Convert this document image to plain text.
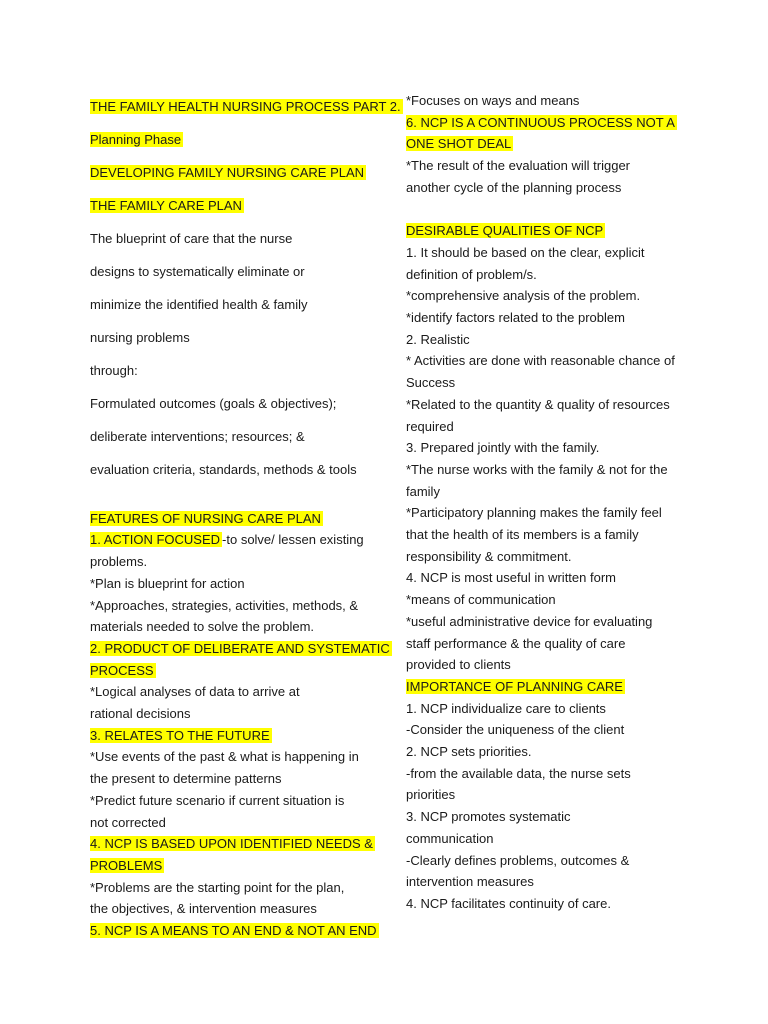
THE FAMILY HEALTH NURSING PROCESS PART 2.
Planning Phase
DEVELOPING FAMILY NURSING CARE PLAN
THE FAMILY CARE PLAN
The blueprint of care that the nurse
designs to systematically eliminate or
minimize the identified health & family
nursing problems
through:
Formulated outcomes (goals & objectives);
deliberate interventions; resources; &
evaluation criteria, standards, methods & tools
FEATURES OF NURSING CARE PLAN
1. ACTION FOCUSED -to solve/ lessen existing
problems.
*Plan is blueprint for action
*Approaches, strategies, activities, methods, &
materials needed to solve the problem.
2. PRODUCT OF DELIBERATE AND SYSTEMATIC
PROCESS
*Logical analyses of data to arrive at
rational decisions
3. RELATES TO THE FUTURE
*Use events of the past & what is happening in
the present to determine patterns
*Predict future scenario if current situation is
not corrected
4. NCP IS BASED UPON IDENTIFIED NEEDS &
PROBLEMS
*Problems are the starting point for the plan,
the objectives, & intervention measures
5. NCP IS A MEANS TO AN END & NOT AN END
*Focuses on ways and means
6. NCP IS A CONTINUOUS PROCESS NOT A
ONE SHOT DEAL
*The result of the evaluation will trigger
another cycle of the planning process
DESIRABLE QUALITIES OF NCP
1. It should be based on the clear, explicit
definition of problem/s.
*comprehensive analysis of the problem.
*identify factors related to the problem
2. Realistic
* Activities are done with reasonable chance of
Success
*Related to the quantity & quality of resources
required
3. Prepared jointly with the family.
*The nurse works with the family & not for the
family
*Participatory planning makes the family feel
that the health of its members is a family
responsibility & commitment.
4. NCP is most useful in written form
*means of communication
*useful administrative device for evaluating
staff performance & the quality of care
provided to clients
IMPORTANCE OF PLANNING CARE
1. NCP individualize care to clients
-Consider the uniqueness of the client
2. NCP sets priorities.
-from the available data, the nurse sets
priorities
3. NCP promotes systematic
communication
-Clearly defines problems, outcomes &
intervention measures
4. NCP facilitates continuity of care.
